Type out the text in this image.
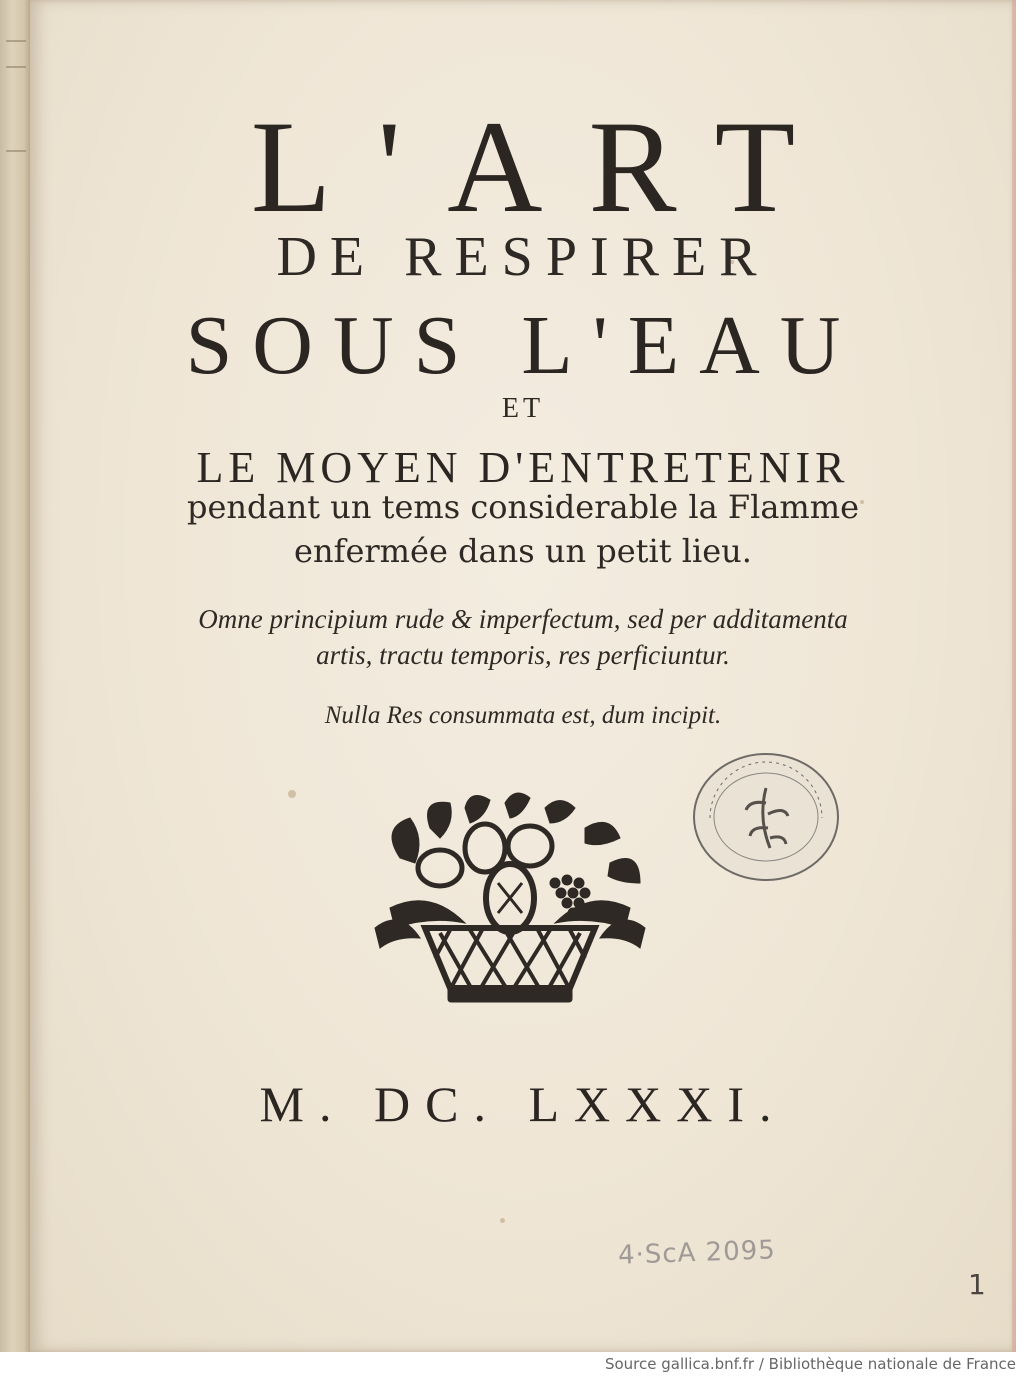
L'ART
DE RESPIRER
SOUS L'EAU
ET
LE MOYEN D'ENTRETENIR
pendant un tems considerable la Flamme
enfermée dans un petit lieu.
Omne principium rude & imperfectum, sed per additamenta
artis, tractu temporis, res perficiuntur.
Nulla Res consummata est, dum incipit.
M. DC. LXXXI.
4·ScA 2095
1
Source gallica.bnf.fr / Bibliothèque nationale de France
